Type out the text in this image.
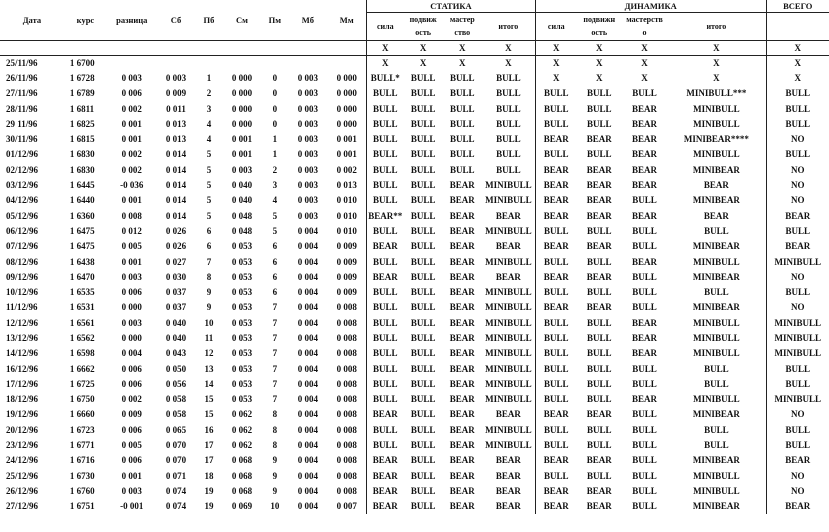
Дата	курс	разница	Сб	Пб	См	Пм	Мб	Мм	СТАТИКА				ДИНАМИКА				ВСЕГО
									сила	подвиж	мастер	итого	сила	подвижн	мастерств	итого	
										ость	ство			ость	о		
									X	X	X	X	X	X	X	X	X
25/11/96	1 6700								X	X	X	X	X	X	X	X	X
26/11/96	1 6728	0 003	0 003	1	0 000	0	0 003	0 000	BULL*	BULL	BULL	BULL	X	X	X	X	X
27/11/96	1 6789	0 006	0 009	2	0 000	0	0 003	0 000	BULL	BULL	BULL	BULL	BULL	BULL	BULL	MINIBULL***	BULL
28/11/96	1 6811	0 002	0 011	3	0 000	0	0 003	0 000	BULL	BULL	BULL	BULL	BULL	BULL	BEAR	MINIBULL	BULL
29 11/96	1 6825	0 001	0 013	4	0 000	0	0 003	0 000	BULL	BULL	BULL	BULL	BULL	BULL	BEAR	MINIBULL	BULL
30/11/96	1 6815	0 001	0 013	4	0 001	1	0 003	0 001	BULL	BULL	BULL	BULL	BEAR	BEAR	BEAR	MINIBEAR****	NO
01/12/96	1 6830	0 002	0 014	5	0 001	1	0 003	0 001	BULL	BULL	BULL	BULL	BULL	BULL	BEAR	MINIBULL	BULL
02/12/96	1 6830	0 002	0 014	5	0 003	2	0 003	0 002	BULL	BULL	BULL	BULL	BEAR	BEAR	BEAR	MINIBEAR	NO
03/12/96	1 6445	-0 036	0 014	5	0 040	3	0 003	0 013	BULL	BULL	BEAR	MINIBULL	BEAR	BEAR	BEAR	BEAR	NO
04/12/96	1 6440	0 001	0 014	5	0 040	4	0 003	0 010	BULL	BULL	BEAR	MINIBULL	BEAR	BEAR	BULL	MINIBEAR	NO
05/12/96	1 6360	0 008	0 014	5	0 048	5	0 003	0 010	BEAR**	BULL	BEAR	BEAR	BEAR	BEAR	BEAR	BEAR	BEAR
06/12/96	1 6475	0 012	0 026	6	0 048	5	0 004	0 010	BULL	BULL	BEAR	MINIBULL	BULL	BULL	BULL	BULL	BULL
07/12/96	1 6475	0 005	0 026	6	0 053	6	0 004	0 009	BEAR	BULL	BEAR	BEAR	BEAR	BEAR	BULL	MINIBEAR	BEAR
08/12/96	1 6438	0 001	0 027	7	0 053	6	0 004	0 009	BULL	BULL	BEAR	MINIBULL	BULL	BULL	BEAR	MINIBULL	MINIBULL
09/12/96	1 6470	0 003	0 030	8	0 053	6	0 004	0 009	BEAR	BULL	BEAR	BEAR	BEAR	BEAR	BULL	MINIBEAR	NO
10/12/96	1 6535	0 006	0 037	9	0 053	6	0 004	0 009	BULL	BULL	BEAR	MINIBULL	BULL	BULL	BULL	BULL	BULL
11/12/96	1 6531	0 000	0 037	9	0 053	7	0 004	0 008	BULL	BULL	BEAR	MINIBULL	BEAR	BEAR	BULL	MINIBEAR	NO
12/12/96	1 6561	0 003	0 040	10	0 053	7	0 004	0 008	BULL	BULL	BEAR	MINIBULL	BULL	BULL	BEAR	MINIBULL	MINIBULL
13/12/96	1 6562	0 000	0 040	11	0 053	7	0 004	0 008	BULL	BULL	BEAR	MINIBULL	BULL	BULL	BEAR	MINIBULL	MINIBULL
14/12/96	1 6598	0 004	0 043	12	0 053	7	0 004	0 008	BULL	BULL	BEAR	MINIBULL	BULL	BULL	BEAR	MINIBULL	MINIBULL
16/12/96	1 6662	0 006	0 050	13	0 053	7	0 004	0 008	BULL	BULL	BEAR	MINIBULL	BULL	BULL	BULL	BULL	BULL
17/12/96	1 6725	0 006	0 056	14	0 053	7	0 004	0 008	BULL	BULL	BEAR	MINIBULL	BULL	BULL	BULL	BULL	BULL
18/12/96	1 6750	0 002	0 058	15	0 053	7	0 004	0 008	BULL	BULL	BEAR	MINIBULL	BULL	BULL	BEAR	MINIBULL	MINIBULL
19/12/96	1 6660	0 009	0 058	15	0 062	8	0 004	0 008	BEAR	BULL	BEAR	BEAR	BEAR	BEAR	BULL	MINIBEAR	NO
20/12/96	1 6723	0 006	0 065	16	0 062	8	0 004	0 008	BULL	BULL	BEAR	MINIBULL	BULL	BULL	BULL	BULL	BULL
23/12/96	1 6771	0 005	0 070	17	0 062	8	0 004	0 008	BULL	BULL	BEAR	MINIBULL	BULL	BULL	BULL	BULL	BULL
24/12/96	1 6716	0 006	0 070	17	0 068	9	0 004	0 008	BEAR	BULL	BEAR	BEAR	BEAR	BEAR	BULL	MINIBEAR	BEAR
25/12/96	1 6730	0 001	0 071	18	0 068	9	0 004	0 008	BEAR	BULL	BEAR	BEAR	BULL	BULL	BULL	MINIBULL	NO
26/12/96	1 6760	0 003	0 074	19	0 068	9	0 004	0 008	BEAR	BULL	BEAR	BEAR	BEAR	BEAR	BULL	MINIBULL	NO
27/12/96	1 6751	-0 001	0 074	19	0 069	10	0 004	0 007	BEAR	BULL	BEAR	BEAR	BEAR	BEAR	BULL	MINIBEAR	BEAR
